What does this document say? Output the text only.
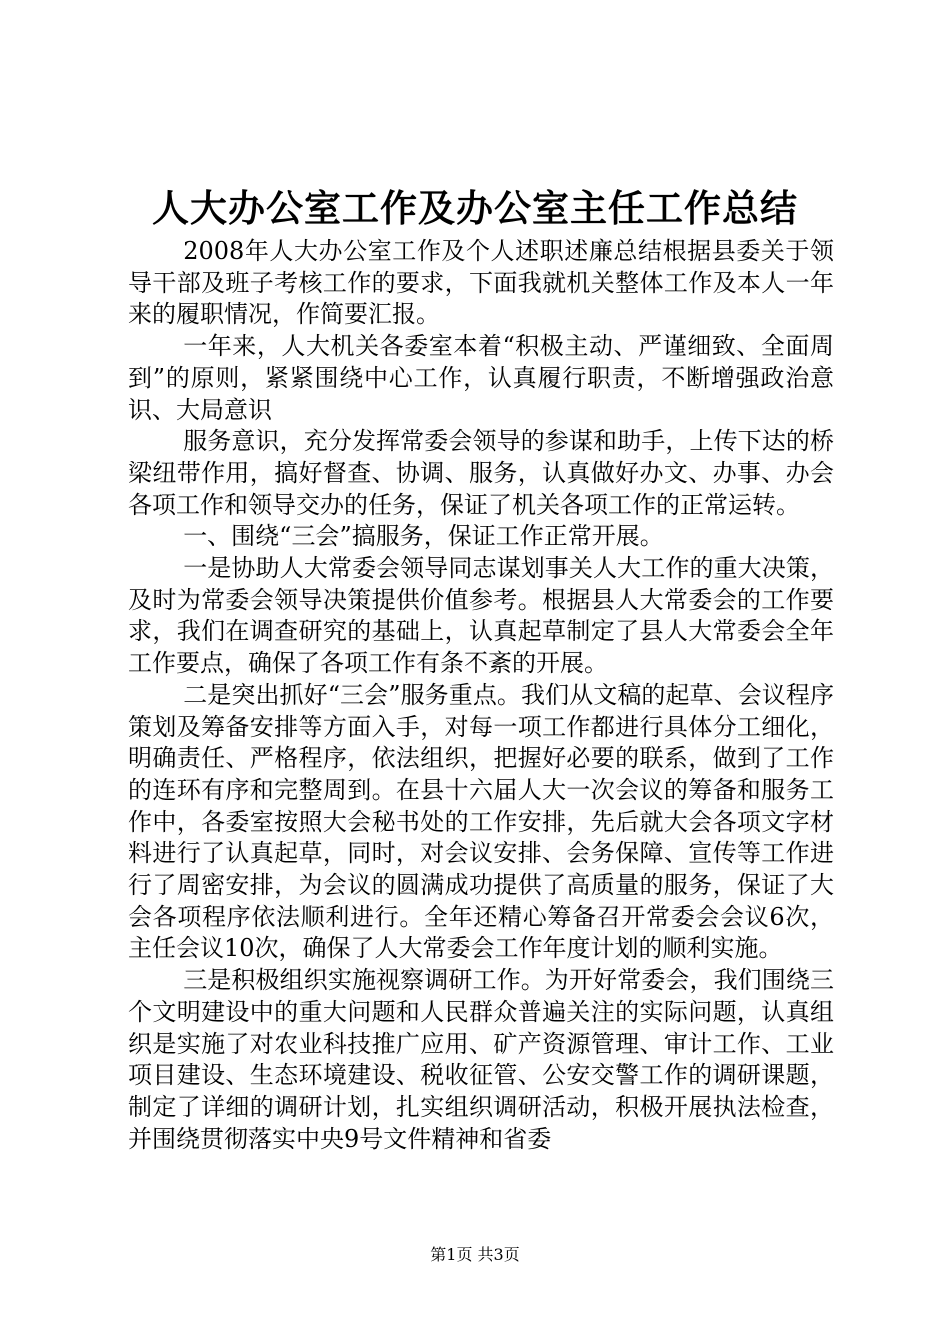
人大办公室工作及办公室主任工作总结

2008年人大办公室工作及个人述职述廉总结根据县委关于领导干部及班子考核工作的要求，下面我就机关整体工作及本人一年来的履职情况，作简要汇报。

一年来，人大机关各委室本着“积极主动、严谨细致、全面周到”的原则，紧紧围绕中心工作，认真履行职责，不断增强政治意识、大局意识

服务意识，充分发挥常委会领导的参谋和助手，上传下达的桥梁纽带作用，搞好督查、协调、服务，认真做好办文、办事、办会各项工作和领导交办的任务，保证了机关各项工作的正常运转。

一、围绕“三会”搞服务，保证工作正常开展。

一是协助人大常委会领导同志谋划事关人大工作的重大决策，及时为常委会领导决策提供价值参考。根据县人大常委会的工作要求，我们在调查研究的基础上，认真起草制定了县人大常委会全年工作要点，确保了各项工作有条不紊的开展。

二是突出抓好“三会”服务重点。我们从文稿的起草、会议程序策划及筹备安排等方面入手，对每一项工作都进行具体分工细化，明确责任、严格程序，依法组织，把握好必要的联系，做到了工作的连环有序和完整周到。在县十六届人大一次会议的筹备和服务工作中，各委室按照大会秘书处的工作安排，先后就大会各项文字材料进行了认真起草，同时，对会议安排、会务保障、宣传等工作进行了周密安排，为会议的圆满成功提供了高质量的服务，保证了大会各项程序依法顺利进行。全年还精心筹备召开常委会会议6次，主任会议10次，确保了人大常委会工作年度计划的顺利实施。

三是积极组织实施视察调研工作。为开好常委会，我们围绕三个文明建设中的重大问题和人民群众普遍关注的实际问题，认真组织是实施了对农业科技推广应用、矿产资源管理、审计工作、工业项目建设、生态环境建设、税收征管、公安交警工作的调研课题，制定了详细的调研计划，扎实组织调研活动，积极开展执法检查，并围绕贯彻落实中央9号文件精神和省委

第1页 共3页
